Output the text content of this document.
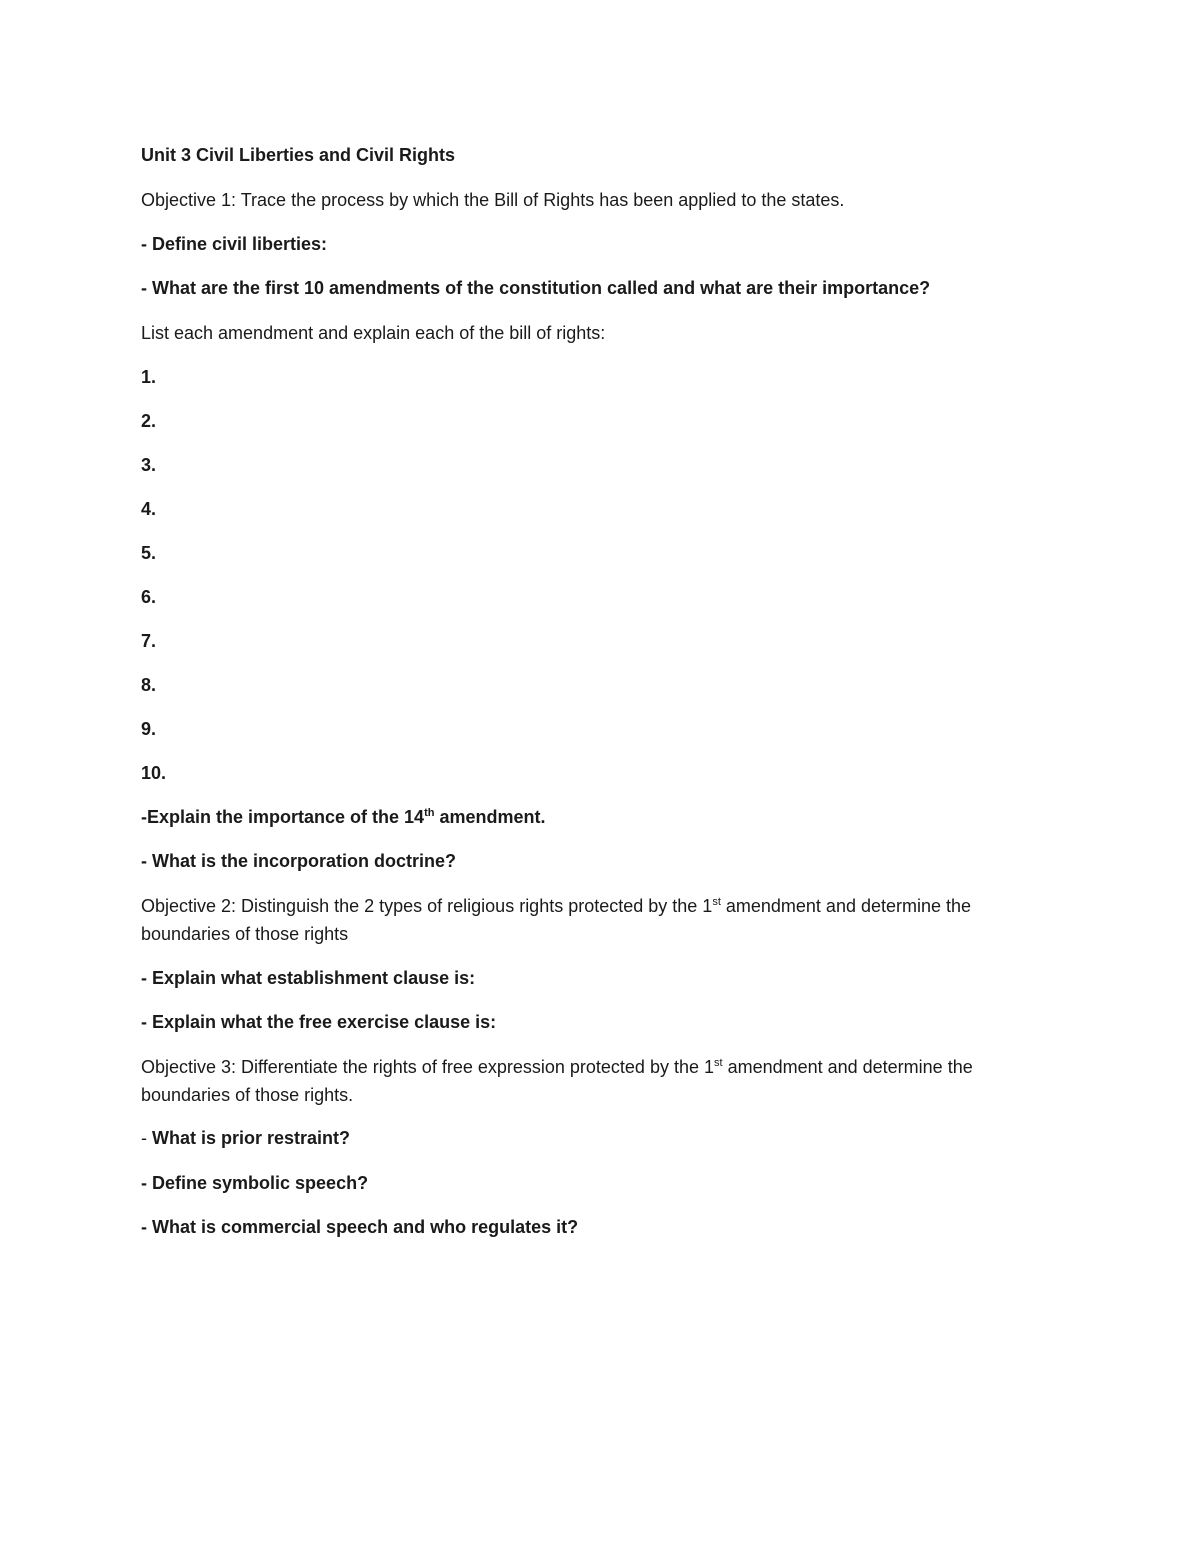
Unit 3 Civil Liberties and Civil Rights
Objective 1: Trace the process by which the Bill of Rights has been applied to the states.
- Define civil liberties:
- What are the first 10 amendments of the constitution called and what are their importance?
List each amendment and explain each of the bill of rights:
1.
2.
3.
4.
5.
6.
7.
8.
9.
10.
-Explain the importance of the 14th amendment.
- What is the incorporation doctrine?
Objective 2: Distinguish the 2 types of religious rights protected by the 1st amendment and determine the boundaries of those rights
- Explain what establishment clause is:
- Explain what the free exercise clause is:
Objective 3: Differentiate the rights of free expression protected by the 1st amendment and determine the boundaries of those rights.
- What is prior restraint?
- Define symbolic speech?
- What is commercial speech and who regulates it?
